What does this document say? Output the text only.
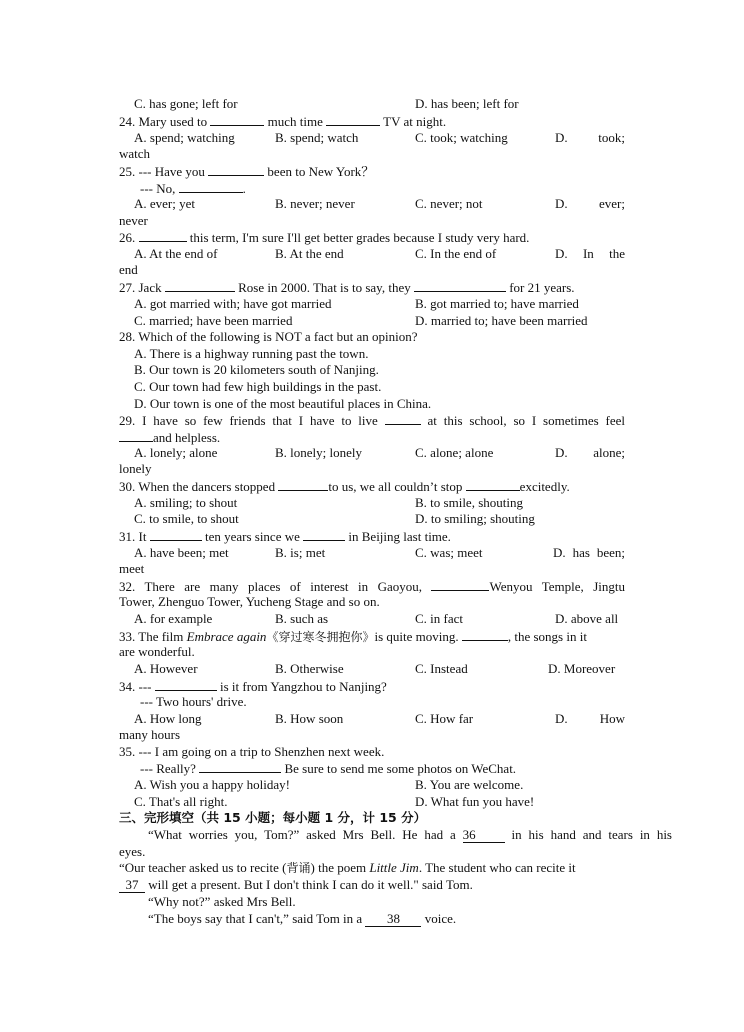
C. has gone; left for	D. has been; left for
24. Mary used to	much time	TV at night.
A. spend; watching	B. spend; watch	C. took; watching	D. took;
watch
25. --- Have you	been to New York？
--- No,	.
A. ever; yet	B. never; never	C. never; not	D. ever;
never
26.	this term, I'm sure I'll get better grades because I study very hard.
A. At the end of	B. At the end	C. In the end of	D. In the
end
27. Jack	Rose in 2000. That is to say, they	for 21 years.
A. got married with; have got married	B. got married to; have married
C. married; have been married	D. married to; have been married
28. Which of the following is NOT a fact but an opinion?
A. There is a highway running past the town.
B. Our town is 20 kilometers south of Nanjing.
C. Our town had few high buildings in the past.
D. Our town is one of the most beautiful places in China.
29. I have so few friends that I have to live	at this school, so I sometimes feel
and helpless.
A. lonely; alone	B. lonely; lonely	C. alone; alone	D. alone;
lonely
30. When the dancers stopped	to us, we all couldn’t stop	excitedly.
A. smiling; to shout	B. to smile, shouting
C. to smile, to shout	D. to smiling; shouting
31. It	ten years since we	in Beijing last time.
A. have been; met	B. is; met	C. was; meet	D. has been;
meet
32. There are many places of interest in Gaoyou,	Wenyou Temple, Jingtu
Tower, Zhenguo Tower, Yucheng Stage and so on.
A. for example	B. such as	C. in fact	D. above all
33. The film Embrace again《穿过寒冬拥抱你》is quite moving.	, the songs in it
are wonderful.
A. However	B. Otherwise	C. Instead	D. Moreover
34. ---	is it from Yangzhou to Nanjing?
--- Two hours' drive.
A. How long	B. How soon	C. How far	D. How
many hours
35. --- I am going on a trip to Shenzhen next week.
--- Really?	Be sure to send me some photos on WeChat.
A. Wish you a happy holiday!	B. You are welcome.
C. That's all right.	D. What fun you have!
三、完形填空（共 15 小题；每小题 1 分，计 15 分）
“What worries you, Tom?” asked Mrs Bell. He had a 36	in his hand and tears in his
eyes.
“Our teacher asked us to recite (背诵) the poem Little Jim. The student who can recite it
37 will get a present. But I don't think I can do it well." said Tom.
“Why not?” asked Mrs Bell.
“The boys say that I can't,” said Tom in a 38 voice.
